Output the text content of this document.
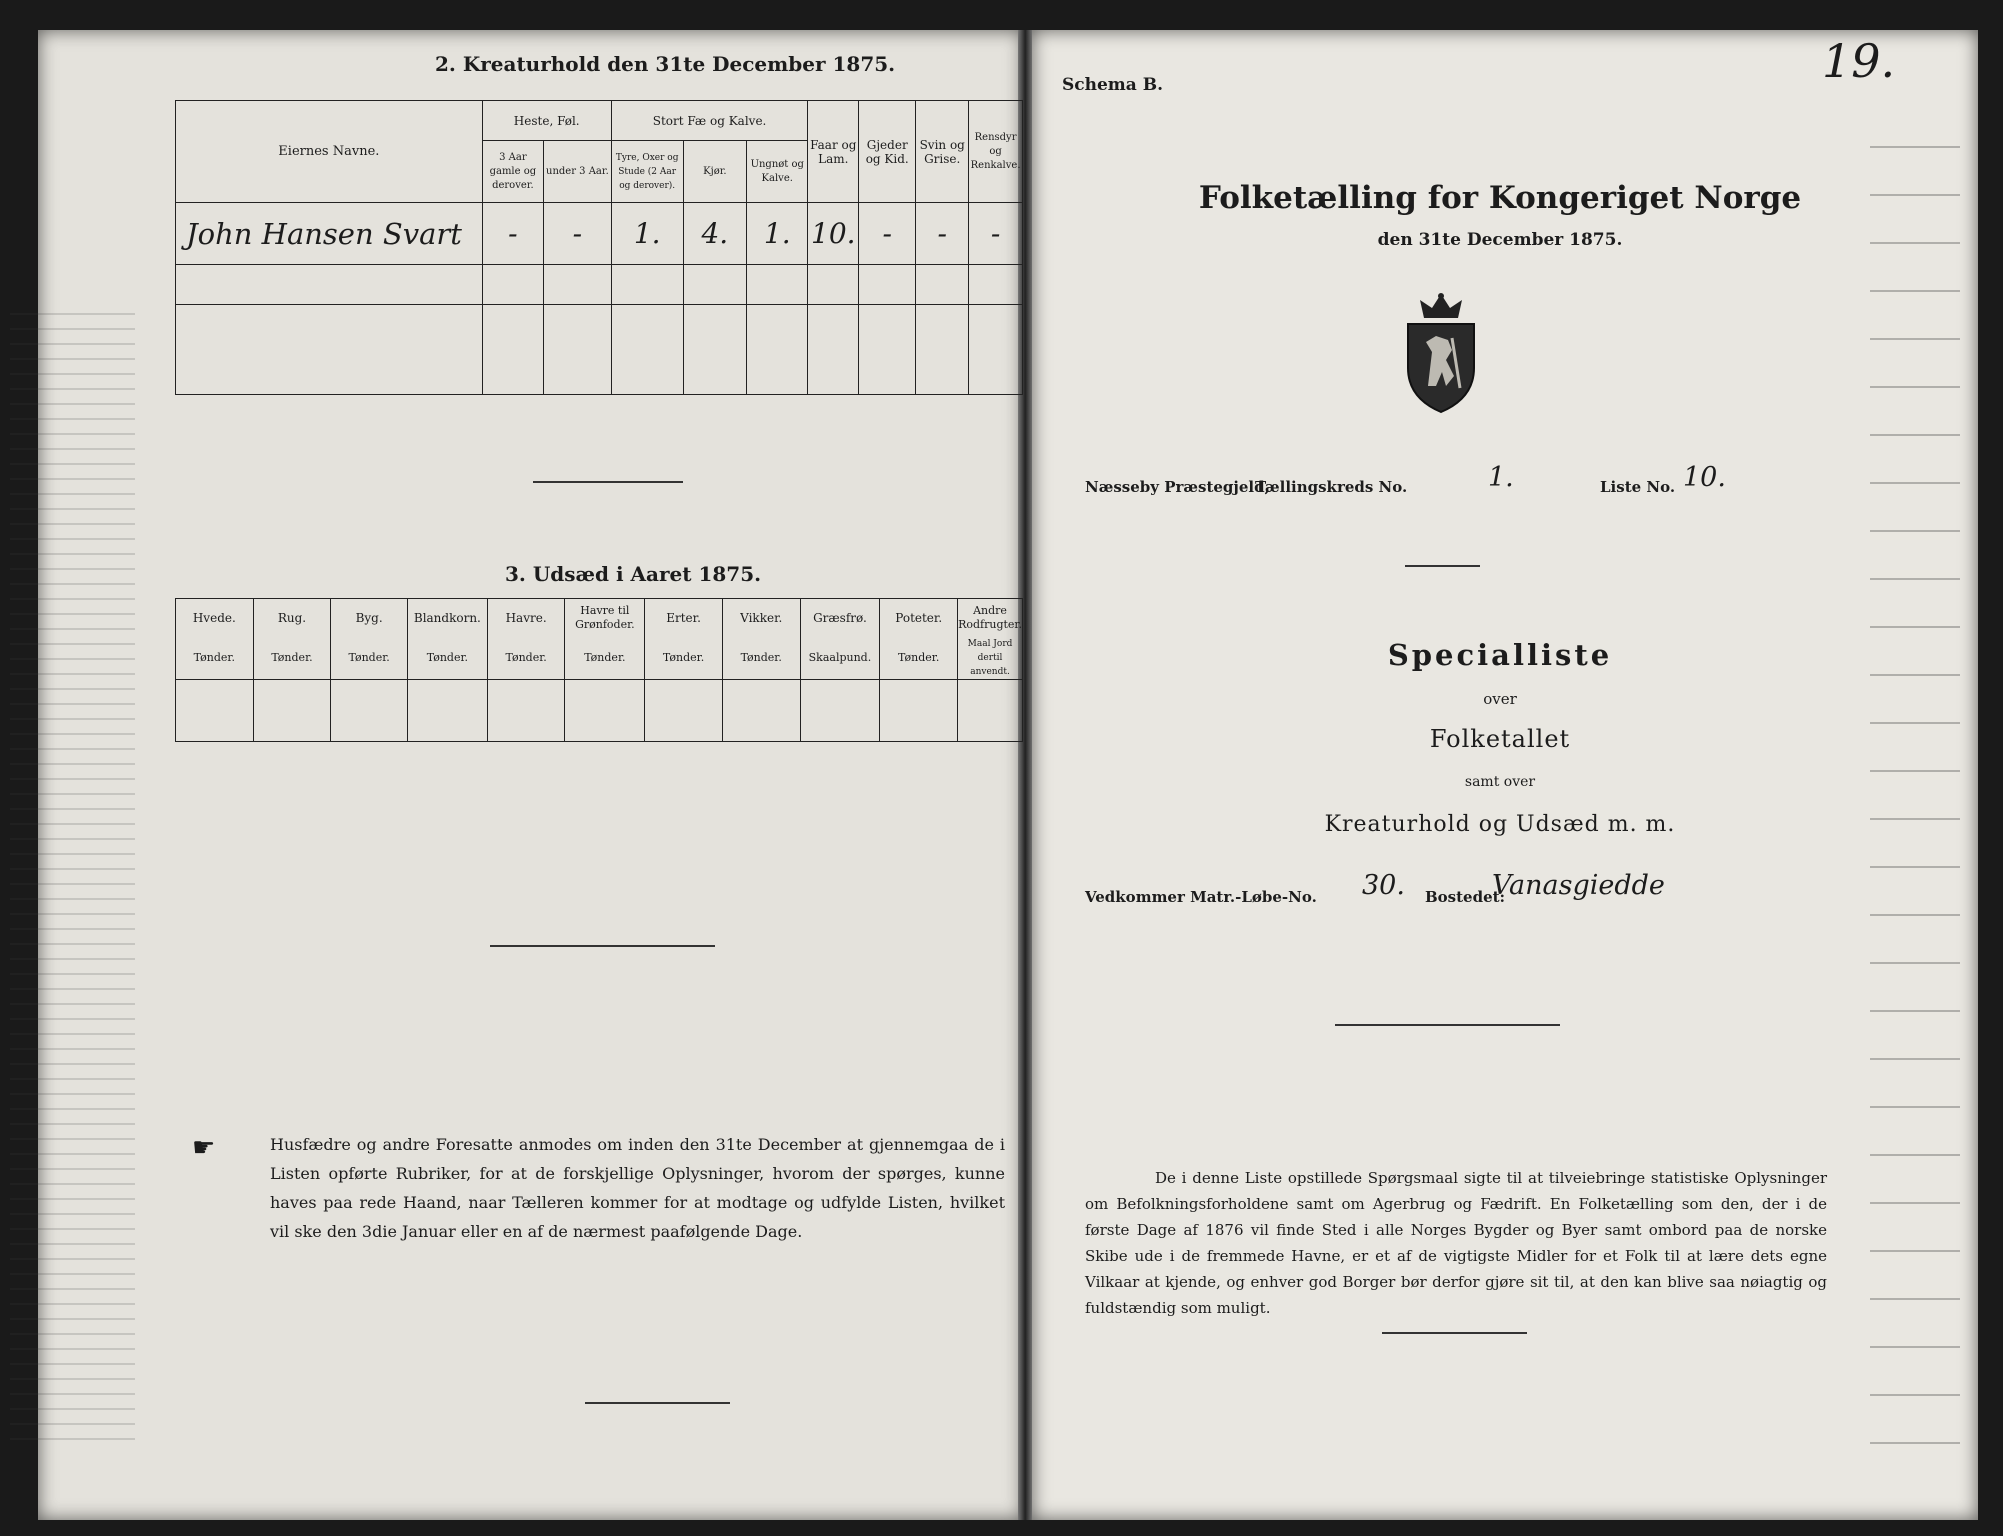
2. Kreaturhold den 31te December 1875.
Eiernes Navne.	Heste, Føl.		Stort Fæ og Kalve.			Faar og Lam.	Gjeder og Kid.	Svin og Grise.	Rensdyr og Renkalve.
	3 Aar gamle og derover.	under 3 Aar.	Tyre, Oxer og Stude (2 Aar og derover).	Kjør.	Ungnøt og Kalve.				
John Hansen Svart	-	-	1.	4.	1.	10.	-	-	-

3. Udsæd i Aaret 1875.
Hvede.	Rug.	Byg.	Blandkorn.	Havre.	Havre til Grønfoder.	Erter.	Vikker.	Græsfrø.	Poteter.	Andre Rodfrugter.
Tønder.	Tønder.	Tønder.	Tønder.	Tønder.	Tønder.	Tønder.	Tønder.	Skaalpund.	Tønder.	Maal Jord dertil anvendt.

☛	Husfædre og andre Foresatte anmodes om inden den 31te December at gjennemgaa de i Listen opførte Rubriker, for at de forskjellige Oplysninger, hvorom der spørges, kunne haves paa rede Haand, naar Tælleren kommer for at modtage og udfylde Listen, hvilket vil ske den 3die Januar eller en af de nærmest paafølgende Dage.
Schema B.	19.
Folketælling for Kongeriget Norge
den 31te December 1875.
Næsseby Præstegjeld,
Tællingskreds No.	1.	Liste No. 10.
Specialliste
over
Folketallet
samt over
Kreaturhold og Udsæd m. m.
Vedkommer Matr.-Løbe-No. 30. Bostedet:
Vanasgiedde
De i denne Liste opstillede Spørgsmaal sigte til at tilveiebringe statistiske Oplysninger om Befolkningsforholdene samt om Agerbrug og Fædrift. En Folketælling som den, der i de første Dage af 1876 vil finde Sted i alle Norges Bygder og Byer samt ombord paa de norske Skibe ude i de fremmede Havne, er et af de vigtigste Midler for et Folk til at lære dets egne Vilkaar at kjende, og enhver god Borger bør derfor gjøre sit til, at den kan blive saa nøiagtig og fuldstændig som muligt.
